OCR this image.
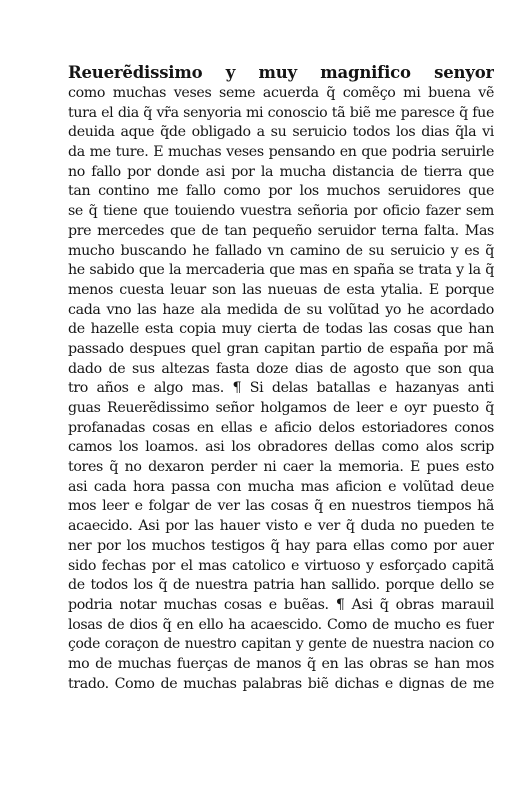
Reuerẽdissimo y muy magnifico senyor
como muchas veses seme acuerda q̃ comẽço mi buena vẽ
tura el dia q̃ vr̃a senyoria mi conoscio tã biẽ me paresce q̃ fue
deuida aque q̃de obligado a su seruicio todos los dias q̃la vi
da me ture. E muchas veses pensando en que podria seruirle
no fallo por donde asi por la mucha distancia de tierra que
tan contino me fallo como por los muchos seruidores que
se q̃ tiene que touiendo vuestra señoria por oficio fazer sem
pre mercedes que de tan pequeño seruidor terna falta. Mas
mucho buscando he fallado vn camino de su seruicio y es q̃
he sabido que la mercaderia que mas en spaña se trata y la q̃
menos cuesta leuar son las nueuas de esta ytalia. E porque
cada vno las haze ala medida de su volũtad yo he acordado
de hazelle esta copia muy cierta de todas las cosas que han
passado despues quel gran capitan partio de españa por mã
dado de sus altezas fasta doze dias de agosto que son qua
tro años e algo mas. ¶ Si delas batallas e hazanyas anti
guas Reuerẽdissimo señor holgamos de leer e oyr puesto q̃
profanadas cosas en ellas e aficio delos estoriadores conos
camos los loamos. asi los obradores dellas como alos scrip
tores q̃ no dexaron perder ni caer la memoria. E pues esto
asi cada hora passa con mucha mas aficion e volũtad deue
mos leer e folgar de ver las cosas q̃ en nuestros tiempos hã
acaecido. Asi por las hauer visto e ver q̃ duda no pueden te
ner por los muchos testigos q̃ hay para ellas como por auer
sido fechas por el mas catolico e virtuoso y esforçado capitã
de todos los q̃ de nuestra patria han sallido. porque dello se
podria notar muchas cosas e buẽas. ¶ Asi q̃ obras marauil
losas de dios q̃ en ello ha acaescido. Como de mucho es fuer
çode coraçon de nuestro capitan y gente de nuestra nacion co
mo de muchas fuerças de manos q̃ en las obras se han mos
trado. Como de muchas palabras biẽ dichas e dignas de me
